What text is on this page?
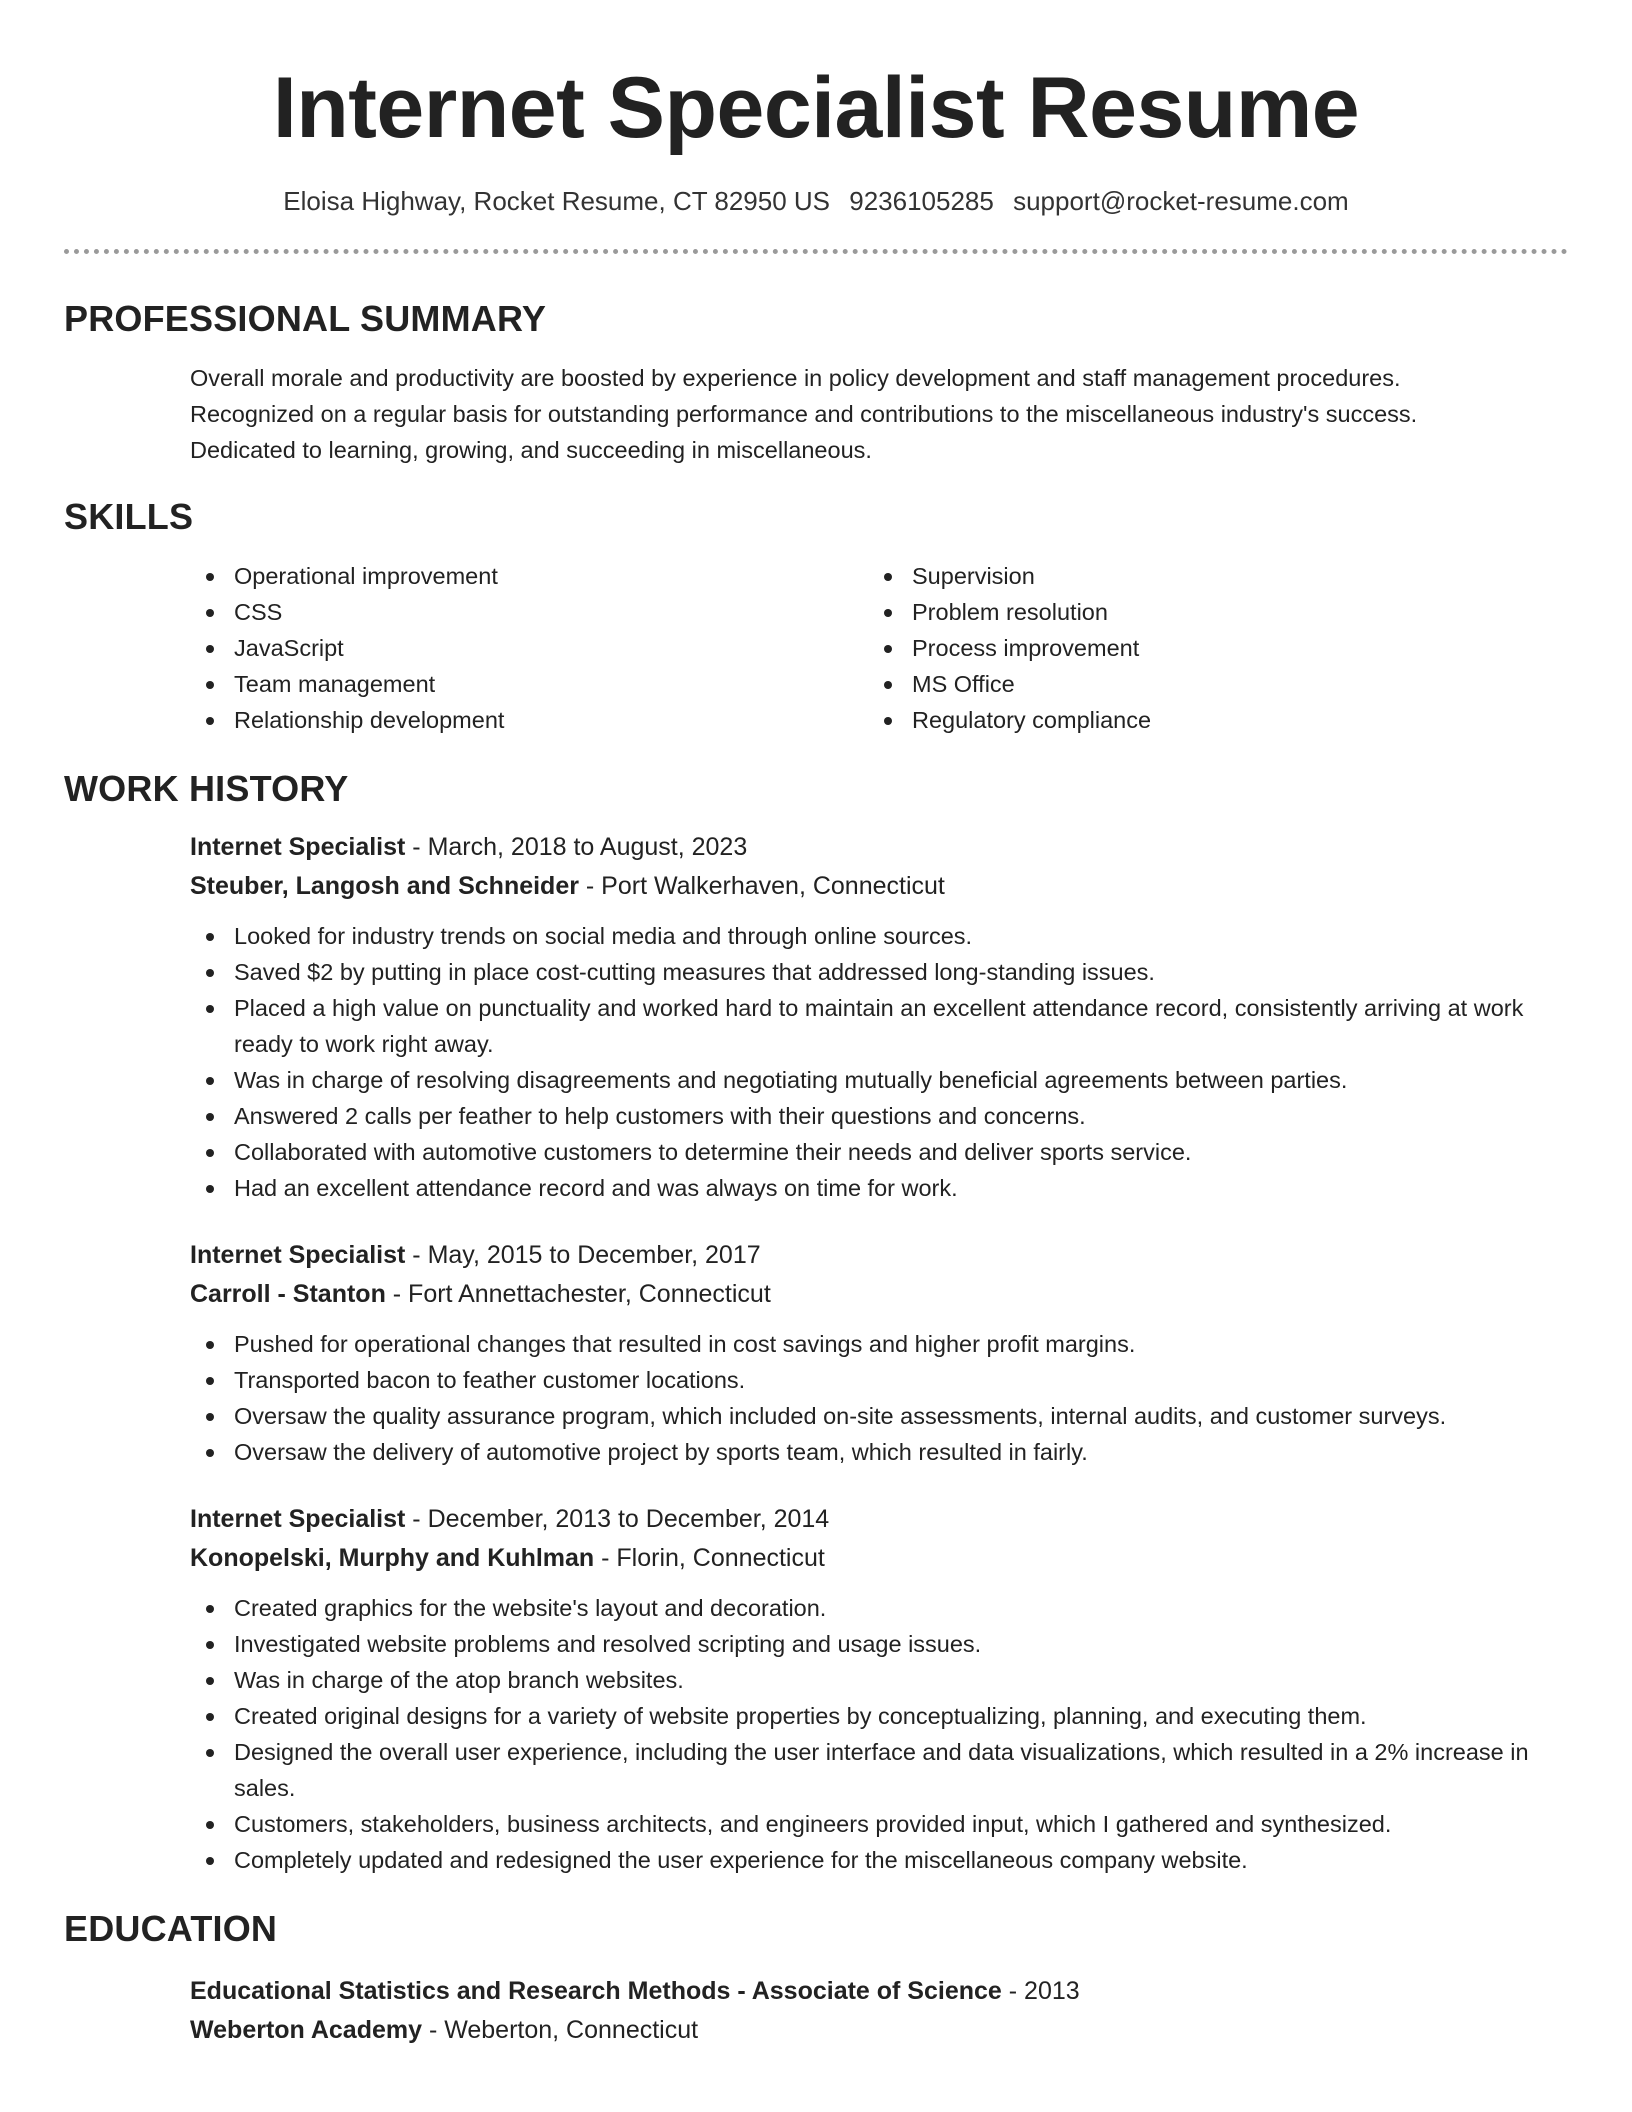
Internet Specialist Resume
Eloisa Highway, Rocket Resume, CT 82950 US 9236105285 support@rocket-resume.com
PROFESSIONAL SUMMARY
Overall morale and productivity are boosted by experience in policy development and staff management procedures.
Recognized on a regular basis for outstanding performance and contributions to the miscellaneous industry's success.
Dedicated to learning, growing, and succeeding in miscellaneous.
SKILLS
Operational improvement
CSS
JavaScript
Team management
Relationship development
Supervision
Problem resolution
Process improvement
MS Office
Regulatory compliance
WORK HISTORY
Internet Specialist - March, 2018 to August, 2023
Steuber, Langosh and Schneider - Port Walkerhaven, Connecticut
Looked for industry trends on social media and through online sources.
Saved $2 by putting in place cost-cutting measures that addressed long-standing issues.
Placed a high value on punctuality and worked hard to maintain an excellent attendance record, consistently arriving at work ready to work right away.
Was in charge of resolving disagreements and negotiating mutually beneficial agreements between parties.
Answered 2 calls per feather to help customers with their questions and concerns.
Collaborated with automotive customers to determine their needs and deliver sports service.
Had an excellent attendance record and was always on time for work.
Internet Specialist - May, 2015 to December, 2017
Carroll - Stanton - Fort Annettachester, Connecticut
Pushed for operational changes that resulted in cost savings and higher profit margins.
Transported bacon to feather customer locations.
Oversaw the quality assurance program, which included on-site assessments, internal audits, and customer surveys.
Oversaw the delivery of automotive project by sports team, which resulted in fairly.
Internet Specialist - December, 2013 to December, 2014
Konopelski, Murphy and Kuhlman - Florin, Connecticut
Created graphics for the website's layout and decoration.
Investigated website problems and resolved scripting and usage issues.
Was in charge of the atop branch websites.
Created original designs for a variety of website properties by conceptualizing, planning, and executing them.
Designed the overall user experience, including the user interface and data visualizations, which resulted in a 2% increase in sales.
Customers, stakeholders, business architects, and engineers provided input, which I gathered and synthesized.
Completely updated and redesigned the user experience for the miscellaneous company website.
EDUCATION
Educational Statistics and Research Methods - Associate of Science - 2013
Weberton Academy - Weberton, Connecticut
